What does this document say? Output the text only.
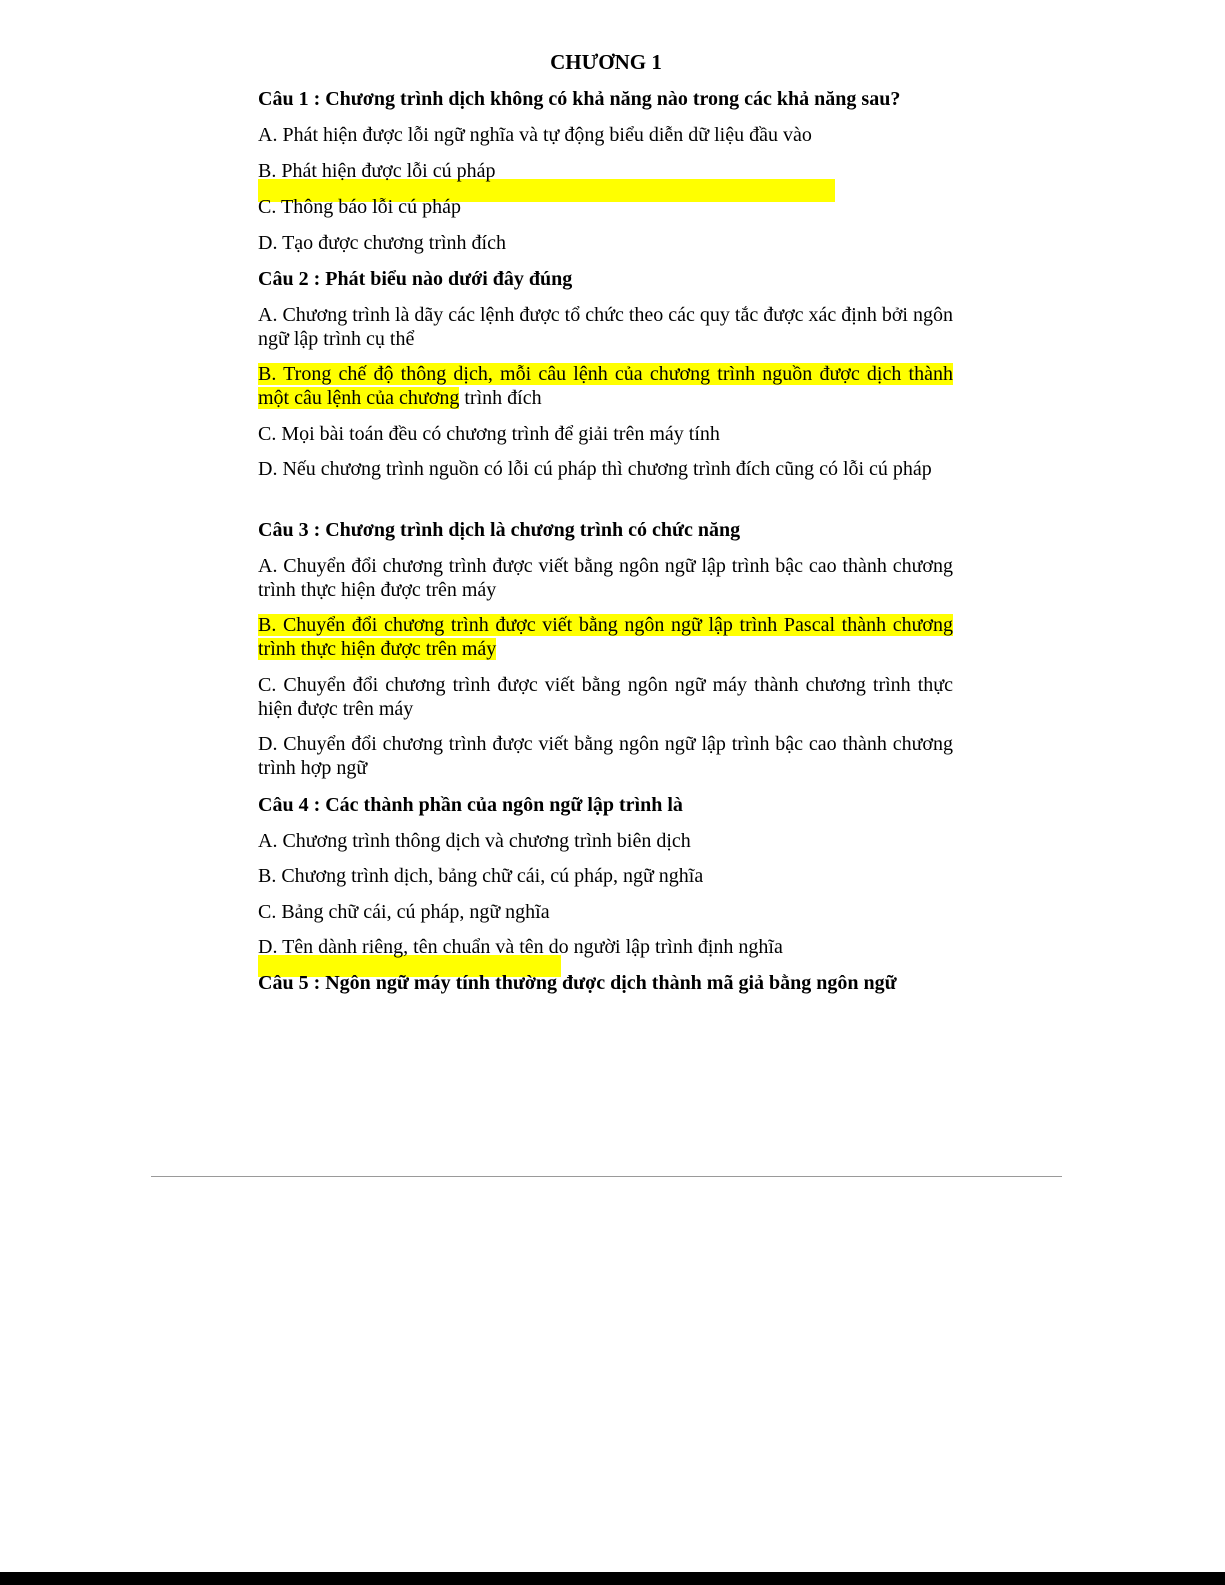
CHƯƠNG 1
Câu 1 : Chương trình dịch không có khả năng nào trong các khả năng sau?
A. Phát hiện được lỗi ngữ nghĩa và tự động biểu diễn dữ liệu đầu vào
B. Phát hiện được lỗi cú pháp
C. Thông báo lỗi cú pháp
D. Tạo được chương trình đích
Câu 2 : Phát biểu nào dưới đây đúng
A. Chương trình là dãy các lệnh được tổ chức theo các quy tắc được xác định bởi ngôn ngữ lập trình cụ thể
B. Trong chế độ thông dịch, mỗi câu lệnh của chương trình nguồn được dịch thành một câu lệnh của chương trình đích
C. Mọi bài toán đều có chương trình để giải trên máy tính
D. Nếu chương trình nguồn có lỗi cú pháp thì chương trình đích cũng có lỗi cú pháp
Câu 3 : Chương trình dịch là chương trình có chức năng
A. Chuyển đổi chương trình được viết bằng ngôn ngữ lập trình bậc cao thành chương trình thực hiện được trên máy
B. Chuyển đổi chương trình được viết bằng ngôn ngữ lập trình Pascal thành chương trình thực hiện được trên máy
C. Chuyển đổi chương trình được viết bằng ngôn ngữ máy thành chương trình thực hiện được trên máy
D. Chuyển đổi chương trình được viết bằng ngôn ngữ lập trình bậc cao thành chương trình hợp ngữ
Câu 4 : Các thành phần của ngôn ngữ lập trình là
A. Chương trình thông dịch và chương trình biên dịch
B. Chương trình dịch, bảng chữ cái, cú pháp, ngữ nghĩa
C. Bảng chữ cái, cú pháp, ngữ nghĩa
D. Tên dành riêng, tên chuẩn và tên do người lập trình định nghĩa
Câu 5 : Ngôn ngữ máy tính thường được dịch thành mã giả bằng ngôn ngữ
